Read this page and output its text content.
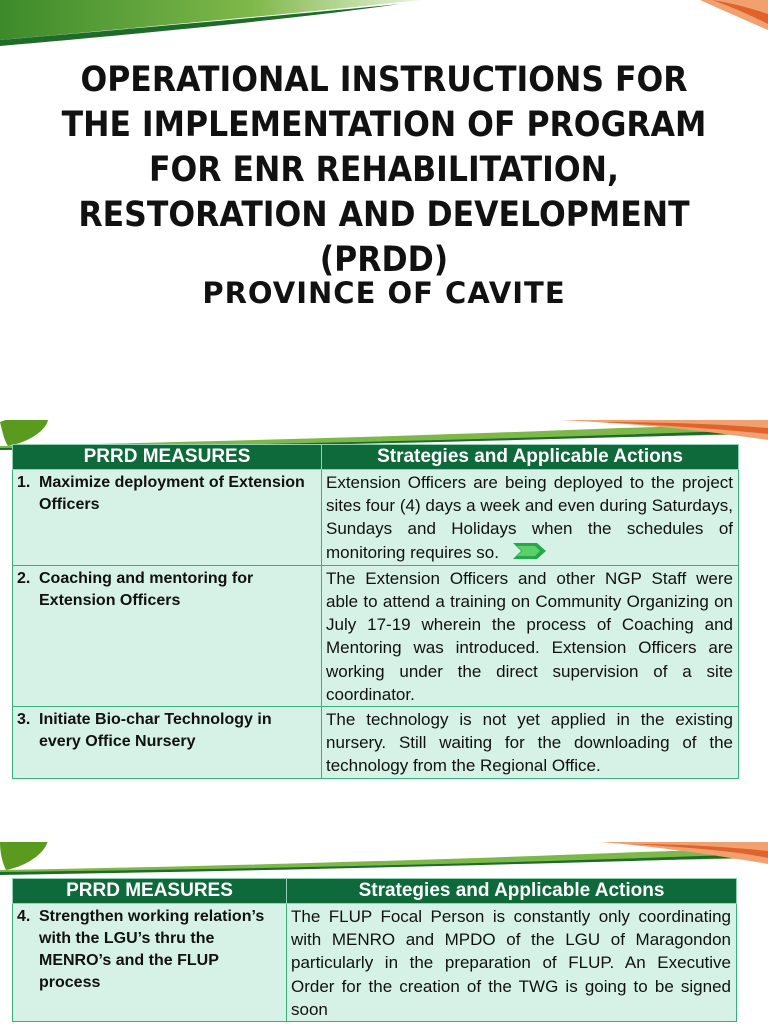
OPERATIONAL INSTRUCTIONS FOR THE IMPLEMENTATION OF PROGRAM FOR ENR REHABILITATION, RESTORATION AND DEVELOPMENT (PRDD)
PROVINCE OF CAVITE
PRRD MEASURES	Strategies and Applicable Actions
1. Maximize deployment of Extension Officers	Extension Officers are being deployed to the project sites four (4) days a week and even during Saturdays, Sundays and Holidays when the schedules of monitoring requires so.
2. Coaching and mentoring for Extension Officers	The Extension Officers and other NGP Staff were able to attend a training on Community Organizing on July 17-19 wherein the process of Coaching and Mentoring was introduced. Extension Officers are working under the direct supervision of a site coordinator.
3. Initiate Bio-char Technology in every Office Nursery	The technology is not yet applied in the existing nursery. Still waiting for the downloading of the technology from the Regional Office.
PRRD MEASURES	Strategies and Applicable Actions
4. Strengthen working relation’s with the LGU’s thru the MENRO’s and the FLUP process	The FLUP Focal Person is constantly only coordinating with MENRO and MPDO of the LGU of Maragondon particularly in the preparation of FLUP. An Executive Order for the creation of the TWG is going to be signed soon
